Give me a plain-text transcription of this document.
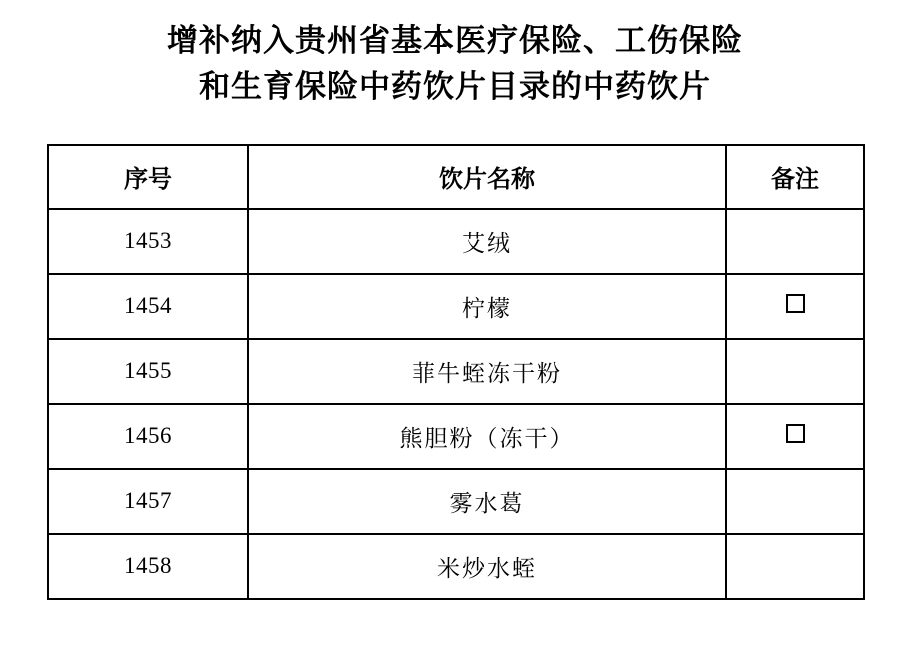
增补纳入贵州省基本医疗保险、工伤保险
和生育保险中药饮片目录的中药饮片
序号	饮片名称	备注
1453	艾绒	
1454	柠檬	
1455	菲牛蛭冻干粉	
1456	熊胆粉（冻干）	
1457	雾水葛	
1458	米炒水蛭	
